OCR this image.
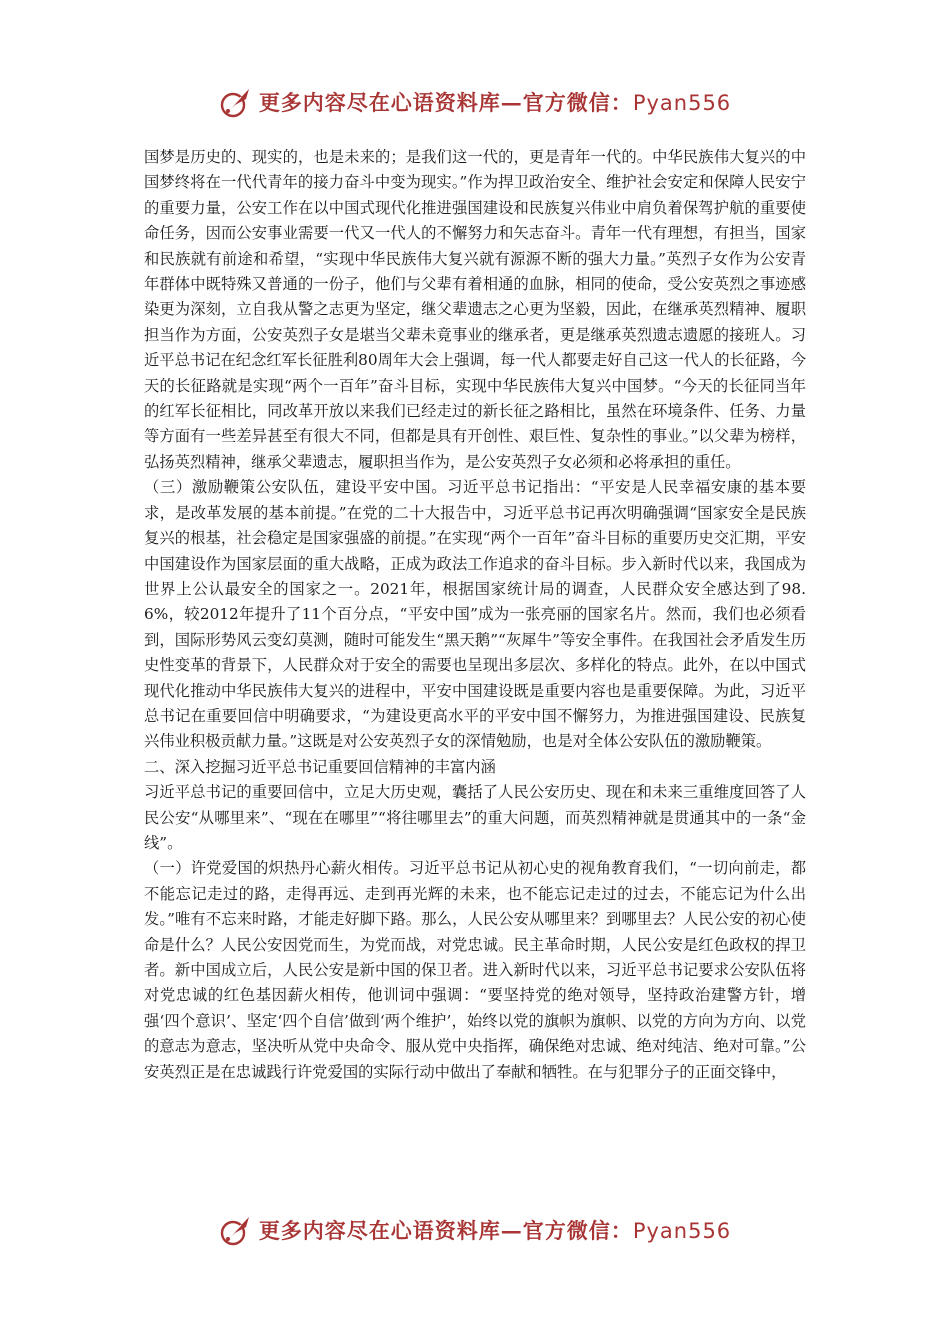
更多内容尽在心语资料库—官方微信：Pyan556

国梦是历史的、现实的，也是未来的；是我们这一代的，更是青年一代的。中华民族伟大复兴的中国梦终将在一代代青年的接力奋斗中变为现实。”作为捍卫政治安全、维护社会安定和保障人民安宁的重要力量，公安工作在以中国式现代化推进强国建设和民族复兴伟业中肩负着保驾护航的重要使命任务，因而公安事业需要一代又一代人的不懈努力和矢志奋斗。青年一代有理想，有担当，国家和民族就有前途和希望，“实现中华民族伟大复兴就有源源不断的强大力量。”英烈子女作为公安青年群体中既特殊又普通的一份子，他们与父辈有着相通的血脉，相同的使命，受公安英烈之事迹感染更为深刻，立自我从警之志更为坚定，继父辈遗志之心更为坚毅，因此，在继承英烈精神、履职担当作为方面，公安英烈子女是堪当父辈未竟事业的继承者，更是继承英烈遗志遗愿的接班人。习近平总书记在纪念红军长征胜利80周年大会上强调，每一代人都要走好自己这一代人的长征路，今天的长征路就是实现“两个一百年”奋斗目标，实现中华民族伟大复兴中国梦。“今天的长征同当年的红军长征相比，同改革开放以来我们已经走过的新长征之路相比，虽然在环境条件、任务、力量等方面有一些差异甚至有很大不同，但都是具有开创性、艰巨性、复杂性的事业。”以父辈为榜样，弘扬英烈精神，继承父辈遗志，履职担当作为，是公安英烈子女必须和必将承担的重任。

（三）激励鞭策公安队伍，建设平安中国。习近平总书记指出：“平安是人民幸福安康的基本要求，是改革发展的基本前提。”在党的二十大报告中，习近平总书记再次明确强调“国家安全是民族复兴的根基，社会稳定是国家强盛的前提。”在实现“两个一百年”奋斗目标的重要历史交汇期，平安中国建设作为国家层面的重大战略，正成为政法工作追求的奋斗目标。步入新时代以来，我国成为世界上公认最安全的国家之一。2021年，根据国家统计局的调查，人民群众安全感达到了98.6%，较2012年提升了11个百分点，“平安中国”成为一张亮丽的国家名片。然而，我们也必须看到，国际形势风云变幻莫测，随时可能发生“黑天鹅”“灰犀牛”等安全事件。在我国社会矛盾发生历史性变革的背景下，人民群众对于安全的需要也呈现出多层次、多样化的特点。此外，在以中国式现代化推动中华民族伟大复兴的进程中，平安中国建设既是重要内容也是重要保障。为此，习近平总书记在重要回信中明确要求，“为建设更高水平的平安中国不懈努力，为推进强国建设、民族复兴伟业积极贡献力量。”这既是对公安英烈子女的深情勉励，也是对全体公安队伍的激励鞭策。

二、深入挖掘习近平总书记重要回信精神的丰富内涵

习近平总书记的重要回信中，立足大历史观，囊括了人民公安历史、现在和未来三重维度回答了人民公安“从哪里来”、“现在在哪里”“将往哪里去”的重大问题，而英烈精神就是贯通其中的一条“金线”。

（一）许党爱国的炽热丹心薪火相传。习近平总书记从初心史的视角教育我们，“一切向前走，都不能忘记走过的路，走得再远、走到再光辉的未来，也不能忘记走过的过去，不能忘记为什么出发。”唯有不忘来时路，才能走好脚下路。那么，人民公安从哪里来？到哪里去？人民公安的初心使命是什么？人民公安因党而生，为党而战，对党忠诚。民主革命时期，人民公安是红色政权的捍卫者。新中国成立后，人民公安是新中国的保卫者。进入新时代以来，习近平总书记要求公安队伍将对党忠诚的红色基因薪火相传，他训词中强调：“要坚持党的绝对领导，坚持政治建警方针，增强‘四个意识’、坚定‘四个自信’做到‘两个维护’，始终以党的旗帜为旗帜、以党的方向为方向、以党的意志为意志，坚决听从党中央命令、服从党中央指挥，确保绝对忠诚、绝对纯洁、绝对可靠。”公安英烈正是在忠诚践行许党爱国的实际行动中做出了奉献和牺牲。在与犯罪分子的正面交锋中，

更多内容尽在心语资料库—官方微信：Pyan556
